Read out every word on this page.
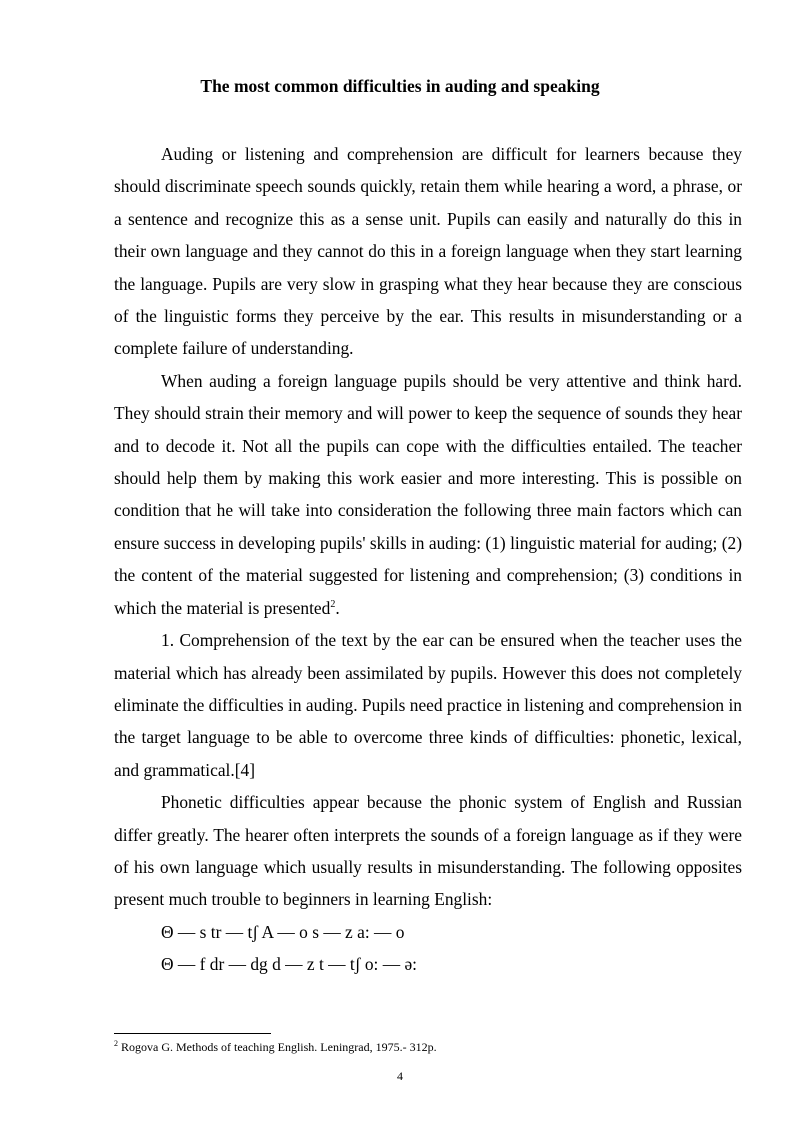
The most common difficulties in auding and speaking

Auding or listening and comprehension are difficult for learners because they should discriminate speech sounds quickly, retain them while hearing a word, a phrase, or a sentence and recognize this as a sense unit. Pupils can easily and naturally do this in their own language and they cannot do this in a foreign language when they start learning the language. Pupils are very slow in grasping what they hear because they are conscious of the linguistic forms they perceive by the ear. This results in misunderstanding or a complete failure of understanding.

When auding a foreign language pupils should be very attentive and think hard. They should strain their memory and will power to keep the sequence of sounds they hear and to decode it. Not all the pupils can cope with the difficulties entailed. The teacher should help them by making this work easier and more interesting. This is possible on condition that he will take into consideration the following three main factors which can ensure success in developing pupils' skills in auding: (1) linguistic material for auding; (2) the content of the material suggested for listening and comprehension; (3) conditions in which the material is presented$^2$.

1. Comprehension of the text by the ear can be ensured when the teacher uses the material which has already been assimilated by pupils. However this does not completely eliminate the difficulties in auding. Pupils need practice in listening and comprehension in the target language to be able to overcome three kinds of difficulties: phonetic, lexical, and grammatical.[4]

Phonetic difficulties appear because the phonic system of English and Russian differ greatly. The hearer often interprets the sounds of a foreign language as if they were of his own language which usually results in misunderstanding. The following opposites present much trouble to beginners in learning English:

Θ — s tr — tʃ A — o s — z a: — o

Θ — f dr — dg d — z t — tʃ o: — ə:

$^2$ Rogova G. Methods of teaching English. Leningrad, 1975.- 312p.
4
